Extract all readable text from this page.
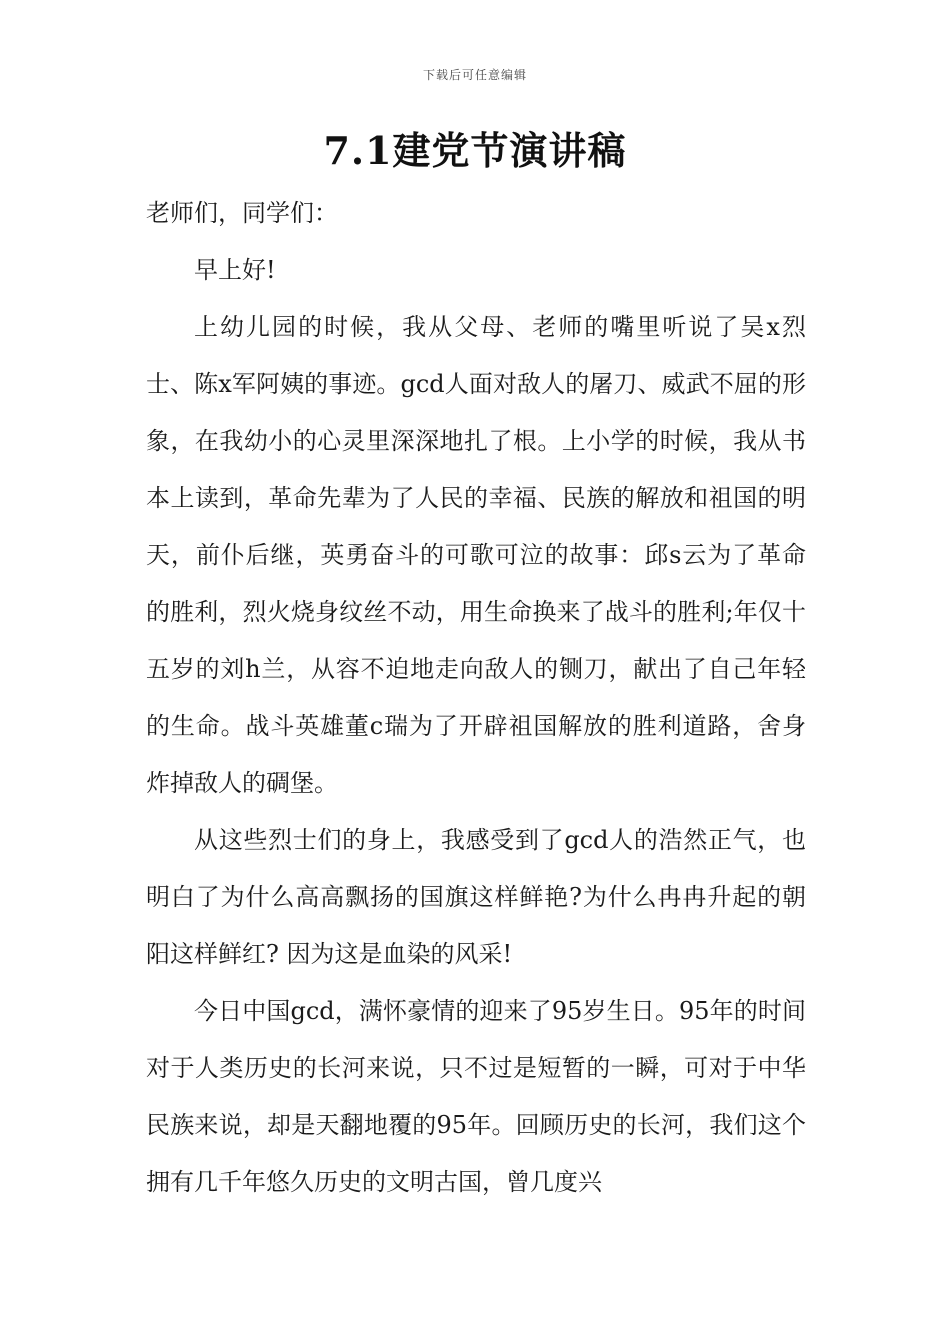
下载后可任意编辑
7.1建党节演讲稿

老师们，同学们：

早上好!

上幼儿园的时候，我从父母、老师的嘴里听说了吴x烈士、陈x军阿姨的事迹。gcd人面对敌人的屠刀、威武不屈的形象，在我幼小的心灵里深深地扎了根。上小学的时候，我从书本上读到，革命先辈为了人民的幸福、民族的解放和祖国的明天，前仆后继，英勇奋斗的可歌可泣的故事：邱s云为了革命的胜利，烈火烧身纹丝不动，用生命换来了战斗的胜利;年仅十五岁的刘h兰，从容不迫地走向敌人的铡刀，献出了自己年轻的生命。战斗英雄董c瑞为了开辟祖国解放的胜利道路，舍身炸掉敌人的碉堡。

从这些烈士们的身上，我感受到了gcd人的浩然正气，也明白了为什么高高飘扬的国旗这样鲜艳?为什么冉冉升起的朝阳这样鲜红? 因为这是血染的风采!

今日中国gcd，满怀豪情的迎来了95岁生日。95年的时间对于人类历史的长河来说，只不过是短暂的一瞬，可对于中华民族来说，却是天翻地覆的95年。回顾历史的长河，我们这个拥有几千年悠久历史的文明古国，曾几度兴
